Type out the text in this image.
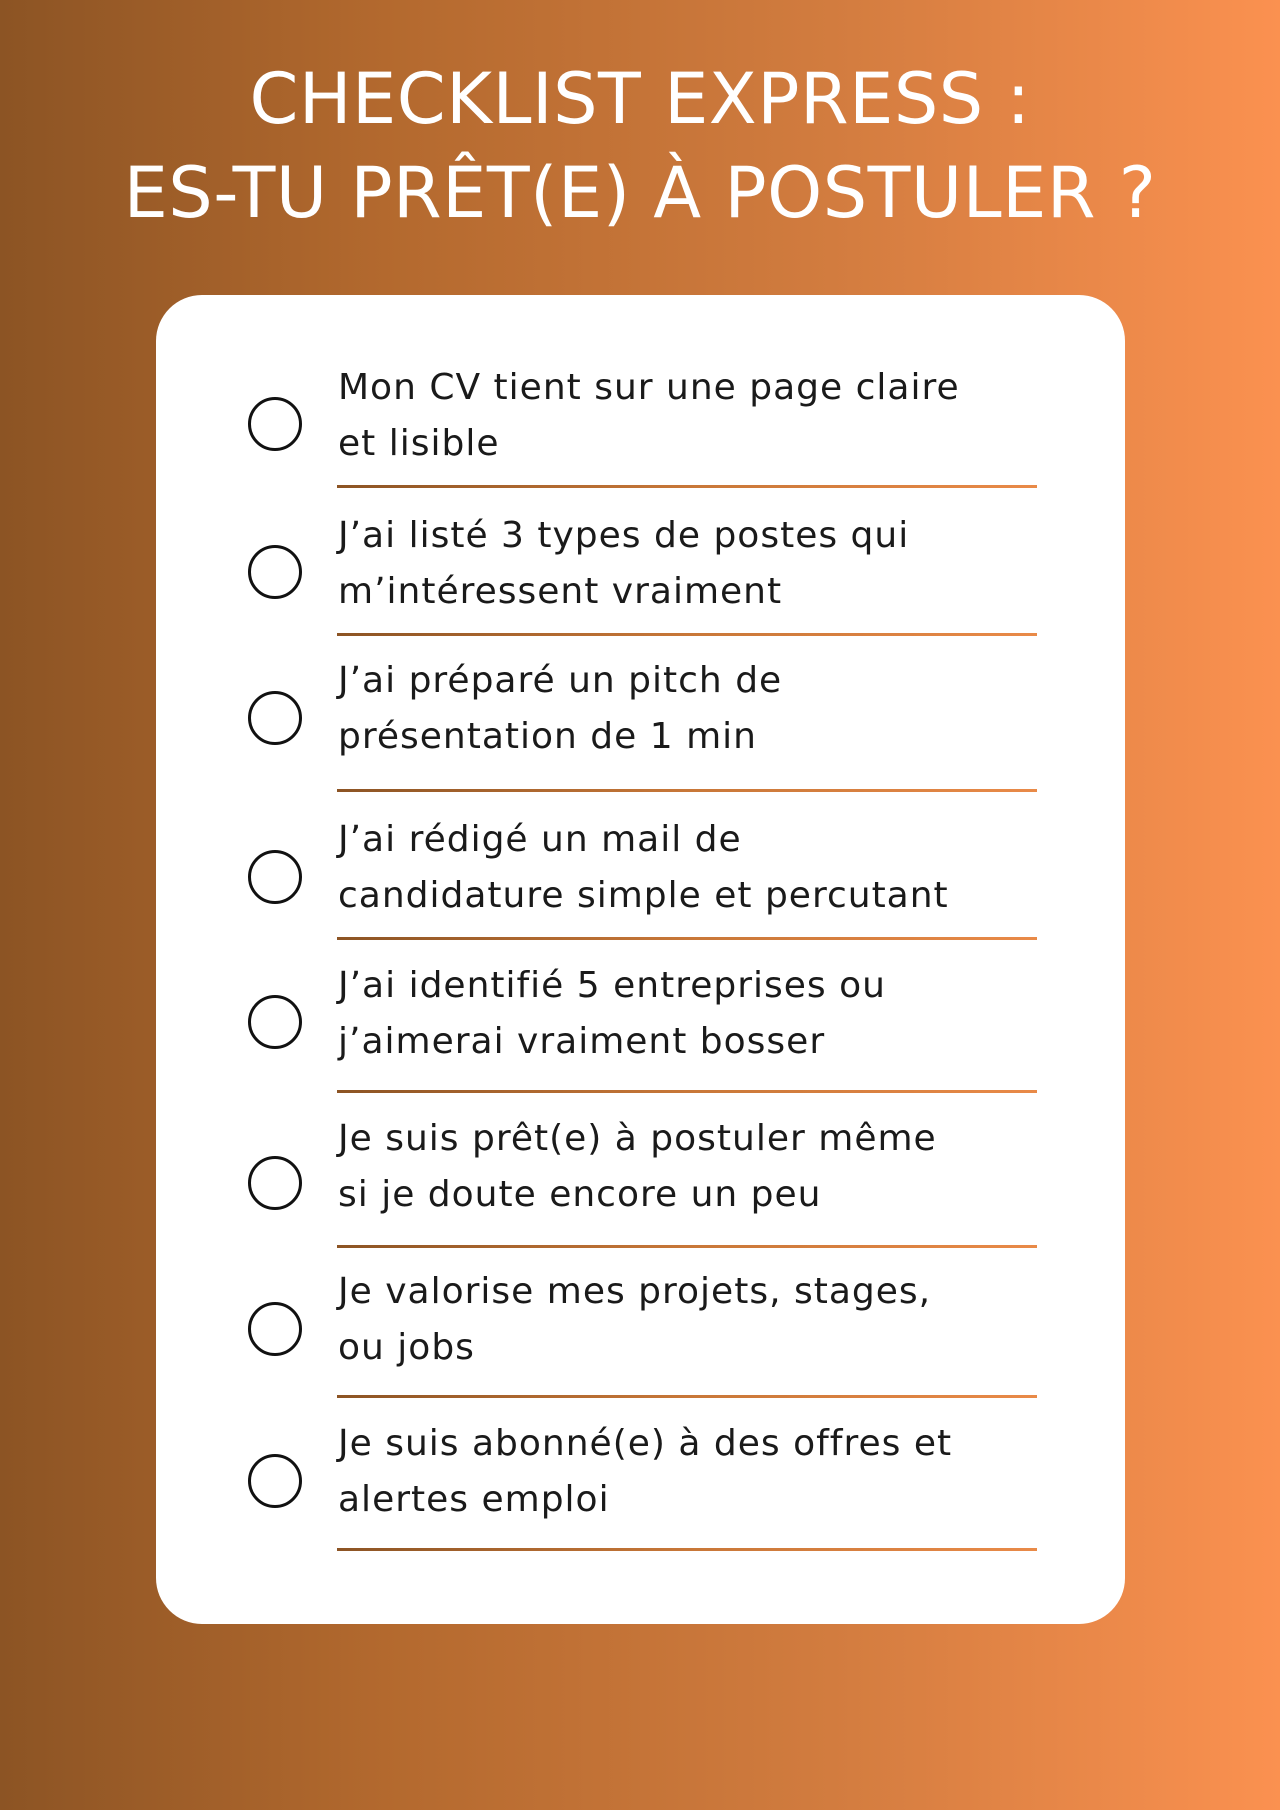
CHECKLIST EXPRESS :
ES-TU PRÊT(E) À POSTULER ?

Mon CV tient sur une page claire
et lisible

J’ai listé 3 types de postes qui
m’intéressent vraiment

J’ai préparé un pitch de
présentation de 1 min

J’ai rédigé un mail de
candidature simple et percutant

J’ai identifié 5 entreprises ou
j’aimerai vraiment bosser

Je suis prêt(e) à postuler même
si je doute encore un peu

Je valorise mes projets, stages,
ou jobs

Je suis abonné(e) à des offres et
alertes emploi
